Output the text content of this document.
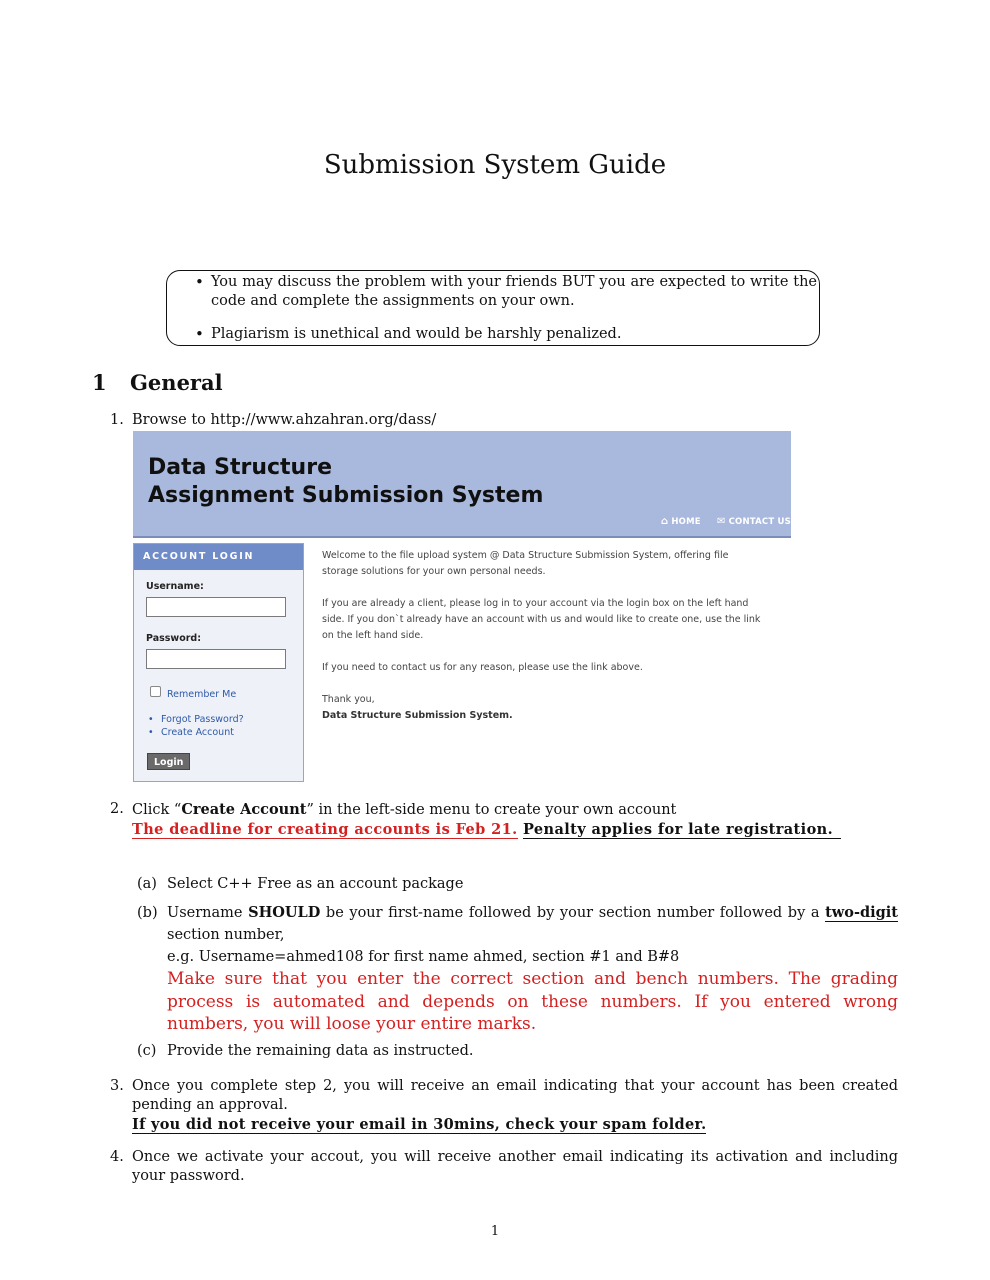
Submission System Guide
• You may discuss the problem with your friends BUT you are expected to write the code and complete the assignments on your own.
• Plagiarism is unethical and would be harshly penalized.
1 General
1. Browse to http://www.ahzahran.org/dass/
Data Structure
Assignment Submission System
⌂ HOME ✉ CONTACT US
ACCOUNT LOGIN
Username:
Password:
Remember Me
• Forgot Password?
• Create Account
Login

Welcome to the file upload system @ Data Structure Submission System, offering file storage solutions for your own personal needs.

If you are already a client, please log in to your account via the login box on the left hand side. If you don`t already have an account with us and would like to create one, use the link on the left hand side.

If you need to contact us for any reason, please use the link above.

Thank you,
Data Structure Submission System.
2. Click “Create Account” in the left-side menu to create your own account
The deadline for creating accounts is Feb 21. Penalty applies for late registration.
(a) Select C++ Free as an account package
(b) Username SHOULD be your first-name followed by your section number followed by a two-digit section number,
e.g. Username=ahmed108 for first name ahmed, section #1 and B#8
Make sure that you enter the correct section and bench numbers. The grading process is automated and depends on these numbers. If you entered wrong numbers, you will loose your entire marks.
(c) Provide the remaining data as instructed.
3. Once you complete step 2, you will receive an email indicating that your account has been created pending an approval.
If you did not receive your email in 30mins, check your spam folder.
4. Once we activate your accout, you will receive another email indicating its activation and including your password.
1
